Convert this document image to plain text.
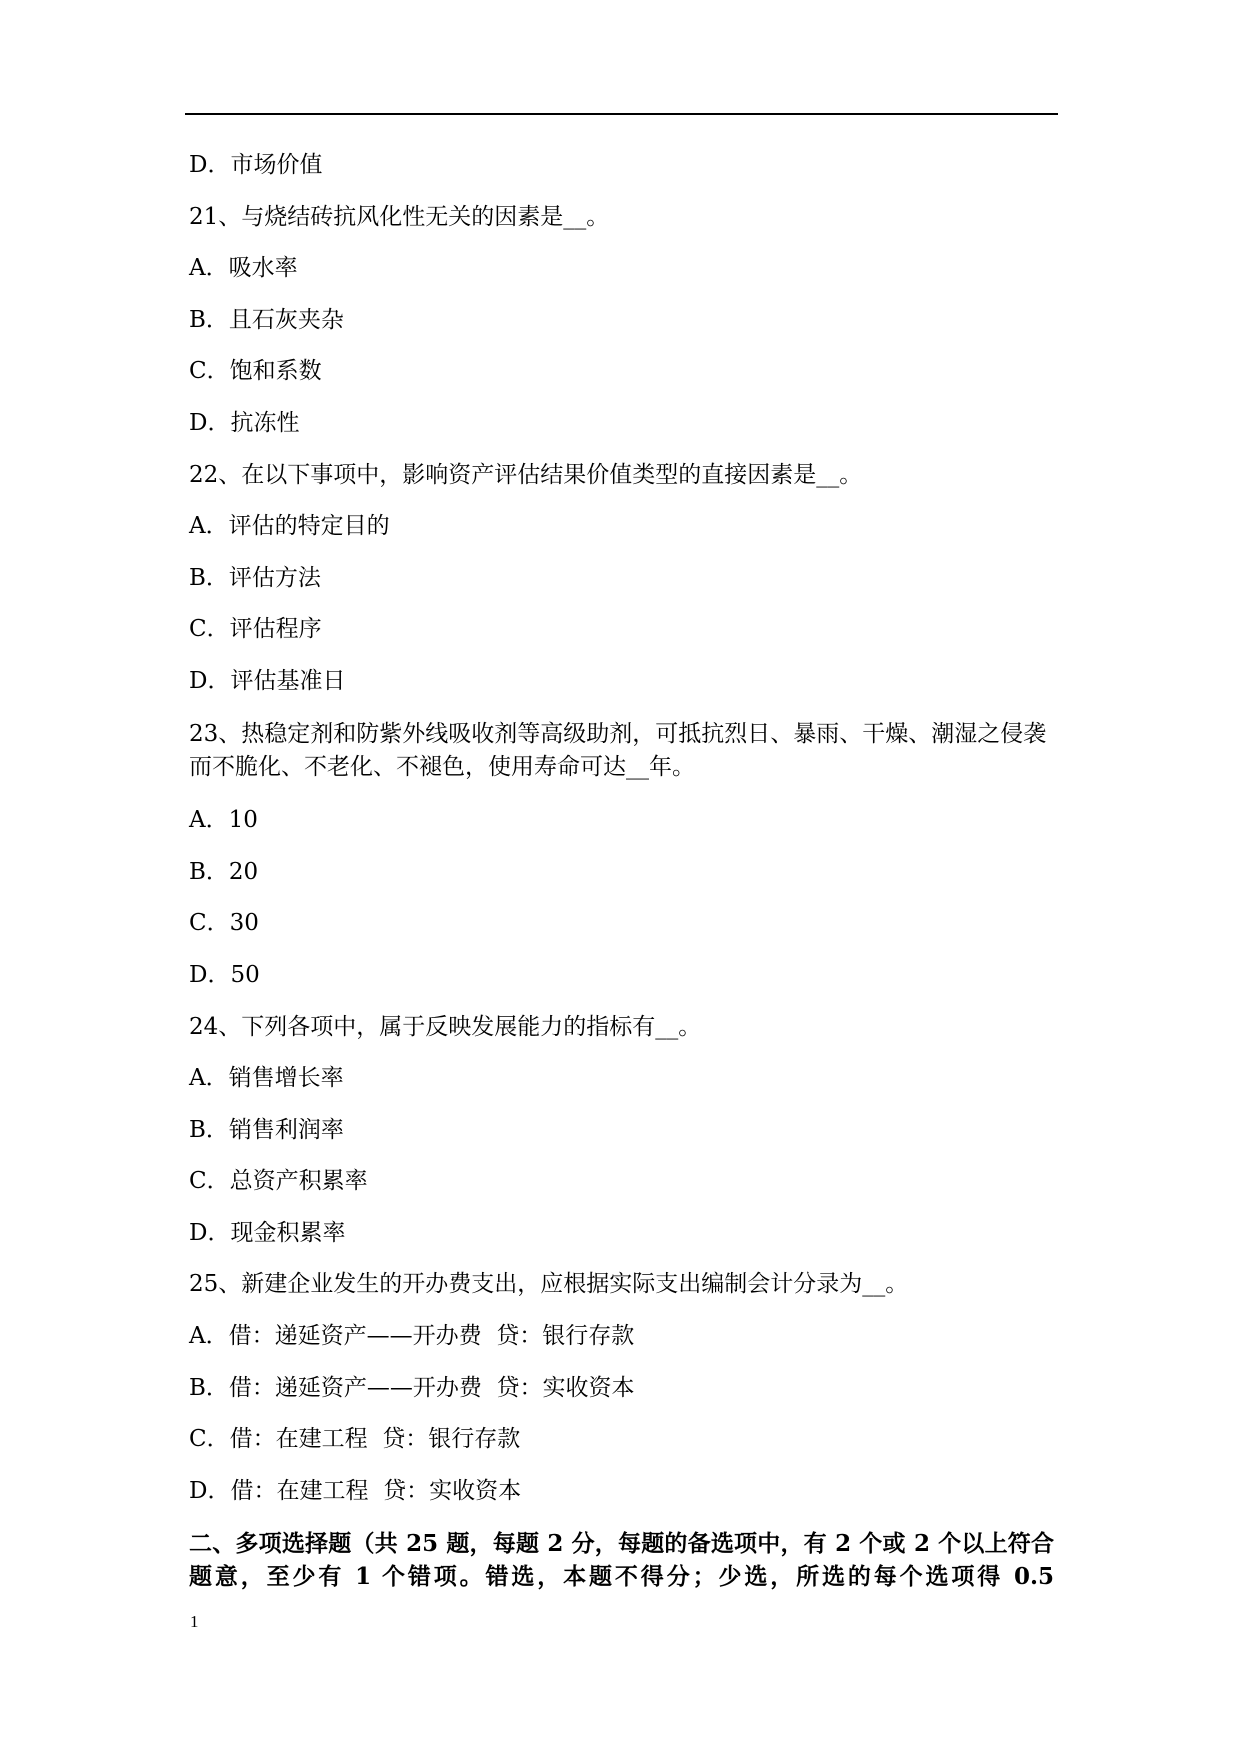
D．市场价值
21、与烧结砖抗风化性无关的因素是__。
A．吸水率
B．且石灰夹杂
C．饱和系数
D．抗冻性
22、在以下事项中，影响资产评估结果价值类型的直接因素是__。
A．评估的特定目的
B．评估方法
C．评估程序
D．评估基准日
23、热稳定剂和防紫外线吸收剂等高级助剂，可抵抗烈日、暴雨、干燥、潮湿之侵袭而不脆化、不老化、不褪色，使用寿命可达__年。
A．10
B．20
C．30
D．50
24、下列各项中，属于反映发展能力的指标有__。
A．销售增长率
B．销售利润率
C．总资产积累率
D．现金积累率
25、新建企业发生的开办费支出，应根据实际支出编制会计分录为__。
A．借：递延资产——开办费  贷：银行存款
B．借：递延资产——开办费  贷：实收资本
C．借：在建工程  贷：银行存款
D．借：在建工程  贷：实收资本
二、多项选择题（共 25 题，每题 2 分，每题的备选项中，有 2 个或 2 个以上符合题意，至少有 1 个错项。错选，本题不得分；少选，所选的每个选项得 0.5
1
